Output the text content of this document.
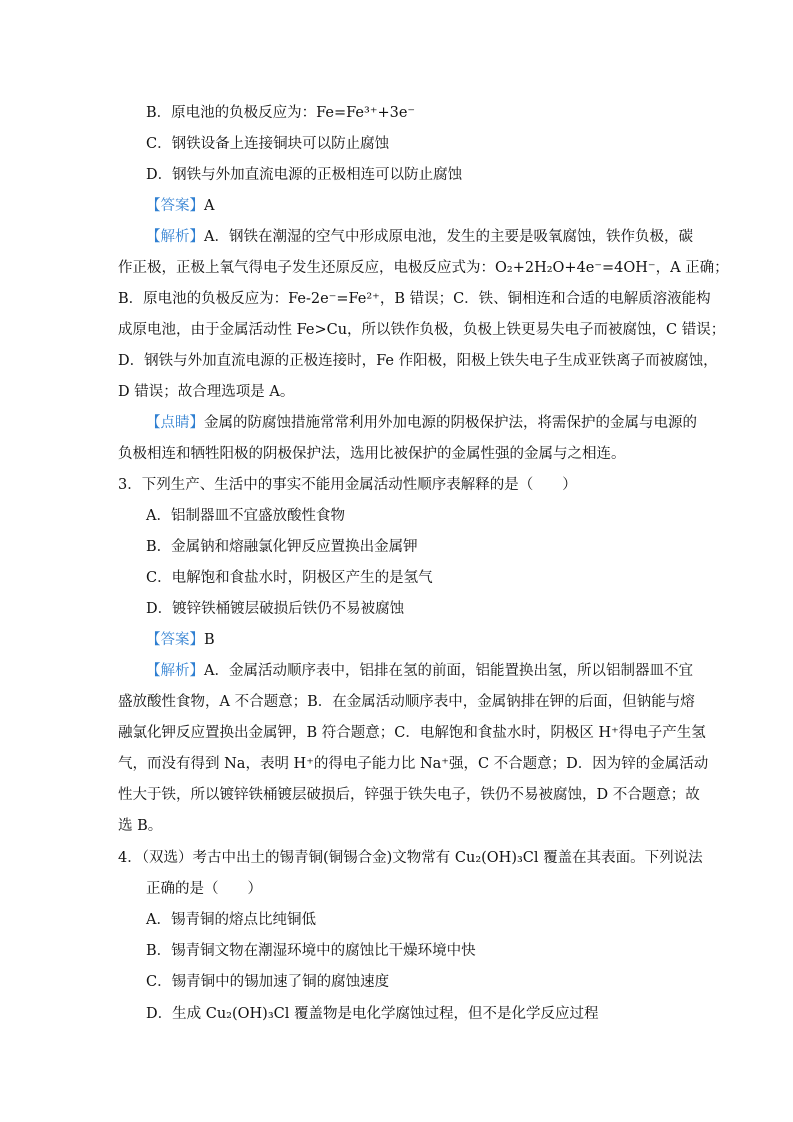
B．原电池的负极反应为：Fe=Fe³⁺+3e⁻
C．钢铁设备上连接铜块可以防止腐蚀
D．钢铁与外加直流电源的正极相连可以防止腐蚀
【答案】A
【解析】A．钢铁在潮湿的空气中形成原电池，发生的主要是吸氧腐蚀，铁作负极，碳
作正极，正极上氧气得电子发生还原反应，电极反应式为：O₂+2H₂O+4e⁻=4OH⁻，A 正确；
B．原电池的负极反应为：Fe-2e⁻=Fe²⁺，B 错误；C．铁、铜相连和合适的电解质溶液能构
成原电池，由于金属活动性 Fe>Cu，所以铁作负极，负极上铁更易失电子而被腐蚀，C 错误；
D．钢铁与外加直流电源的正极连接时，Fe 作阳极，阳极上铁失电子生成亚铁离子而被腐蚀，
D 错误；故合理选项是 A。
【点睛】金属的防腐蚀措施常常利用外加电源的阴极保护法，将需保护的金属与电源的
负极相连和牺牲阳极的阴极保护法，选用比被保护的金属性强的金属与之相连。
3．下列生产、生活中的事实不能用金属活动性顺序表解释的是（　　）
A．铝制器皿不宜盛放酸性食物
B．金属钠和熔融氯化钾反应置换出金属钾
C．电解饱和食盐水时，阴极区产生的是氢气
D．镀锌铁桶镀层破损后铁仍不易被腐蚀
【答案】B
【解析】A．金属活动顺序表中，铝排在氢的前面，铝能置换出氢，所以铝制器皿不宜
盛放酸性食物，A 不合题意；B．在金属活动顺序表中，金属钠排在钾的后面，但钠能与熔
融氯化钾反应置换出金属钾，B 符合题意；C．电解饱和食盐水时，阴极区 H⁺得电子产生氢
气，而没有得到 Na，表明 H⁺的得电子能力比 Na⁺强，C 不合题意；D．因为锌的金属活动
性大于铁，所以镀锌铁桶镀层破损后，锌强于铁失电子，铁仍不易被腐蚀，D 不合题意；故
选 B。
4．（双选）考古中出土的锡青铜(铜锡合金)文物常有 Cu₂(OH)₃Cl 覆盖在其表面。下列说法
正确的是（　　）
A．锡青铜的熔点比纯铜低
B．锡青铜文物在潮湿环境中的腐蚀比干燥环境中快
C．锡青铜中的锡加速了铜的腐蚀速度
D．生成 Cu₂(OH)₃Cl 覆盖物是电化学腐蚀过程，但不是化学反应过程
